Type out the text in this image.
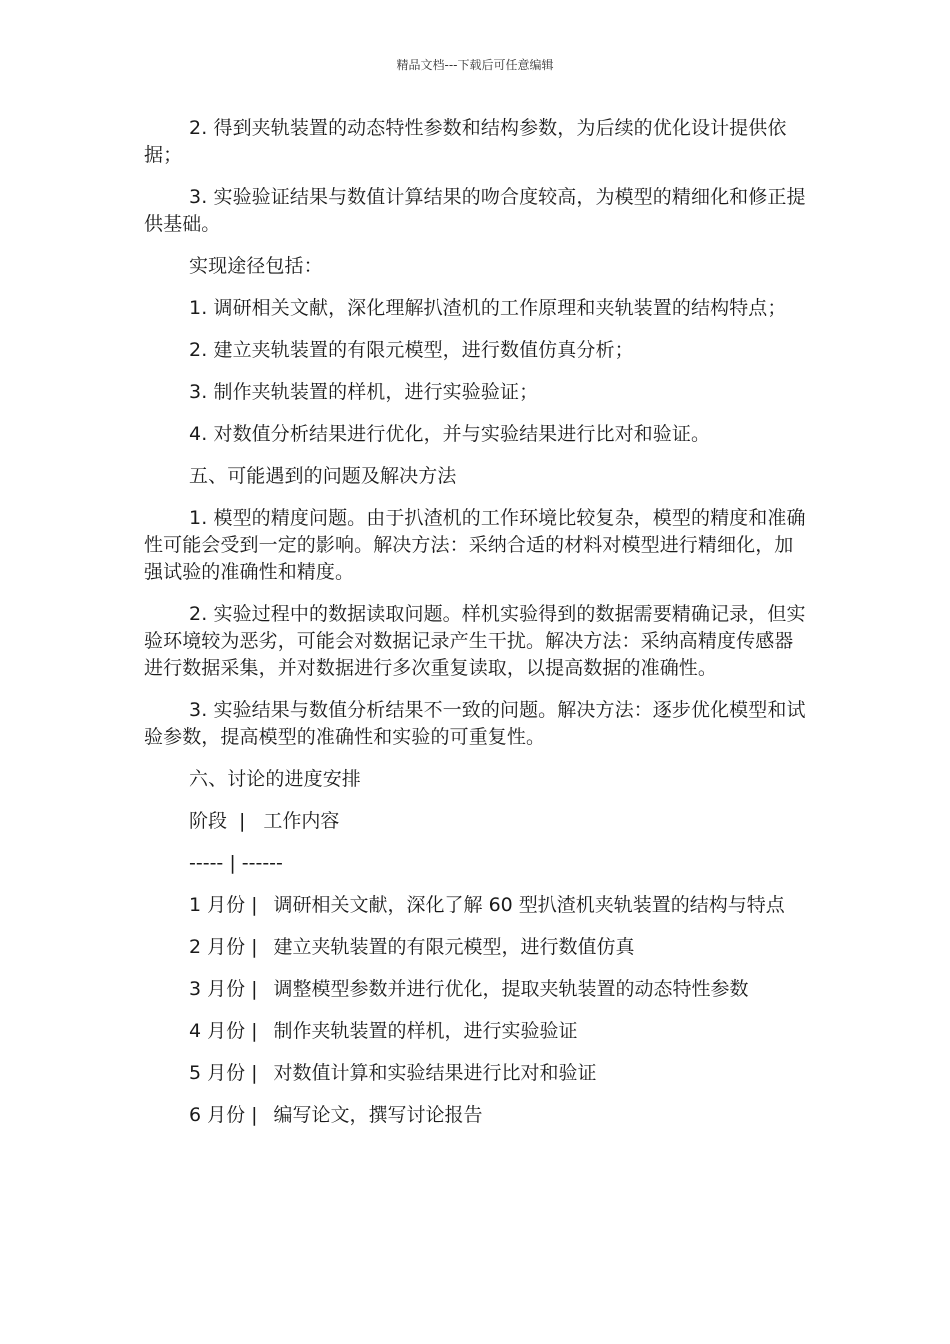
精品文档---下载后可任意编辑

2. 得到夹轨装置的动态特性参数和结构参数，为后续的优化设计提供依据；

3. 实验验证结果与数值计算结果的吻合度较高，为模型的精细化和修正提供基础。

实现途径包括：

1. 调研相关文献，深化理解扒渣机的工作原理和夹轨装置的结构特点；

2. 建立夹轨装置的有限元模型，进行数值仿真分析；

3. 制作夹轨装置的样机，进行实验验证；

4. 对数值分析结果进行优化，并与实验结果进行比对和验证。

五、可能遇到的问题及解决方法

1. 模型的精度问题。由于扒渣机的工作环境比较复杂，模型的精度和准确性可能会受到一定的影响。解决方法：采纳合适的材料对模型进行精细化，加强试验的准确性和精度。

2. 实验过程中的数据读取问题。样机实验得到的数据需要精确记录，但实验环境较为恶劣，可能会对数据记录产生干扰。解决方法：采纳高精度传感器进行数据采集，并对数据进行多次重复读取，以提高数据的准确性。

3. 实验结果与数值分析结果不一致的问题。解决方法：逐步优化模型和试验参数，提高模型的准确性和实验的可重复性。

六、讨论的进度安排

阶段 | 工作内容

----- | ------

1 月份 | 调研相关文献，深化了解 60 型扒渣机夹轨装置的结构与特点

2 月份 | 建立夹轨装置的有限元模型，进行数值仿真

3 月份 | 调整模型参数并进行优化，提取夹轨装置的动态特性参数

4 月份 | 制作夹轨装置的样机，进行实验验证

5 月份 | 对数值计算和实验结果进行比对和验证

6 月份 | 编写论文，撰写讨论报告
